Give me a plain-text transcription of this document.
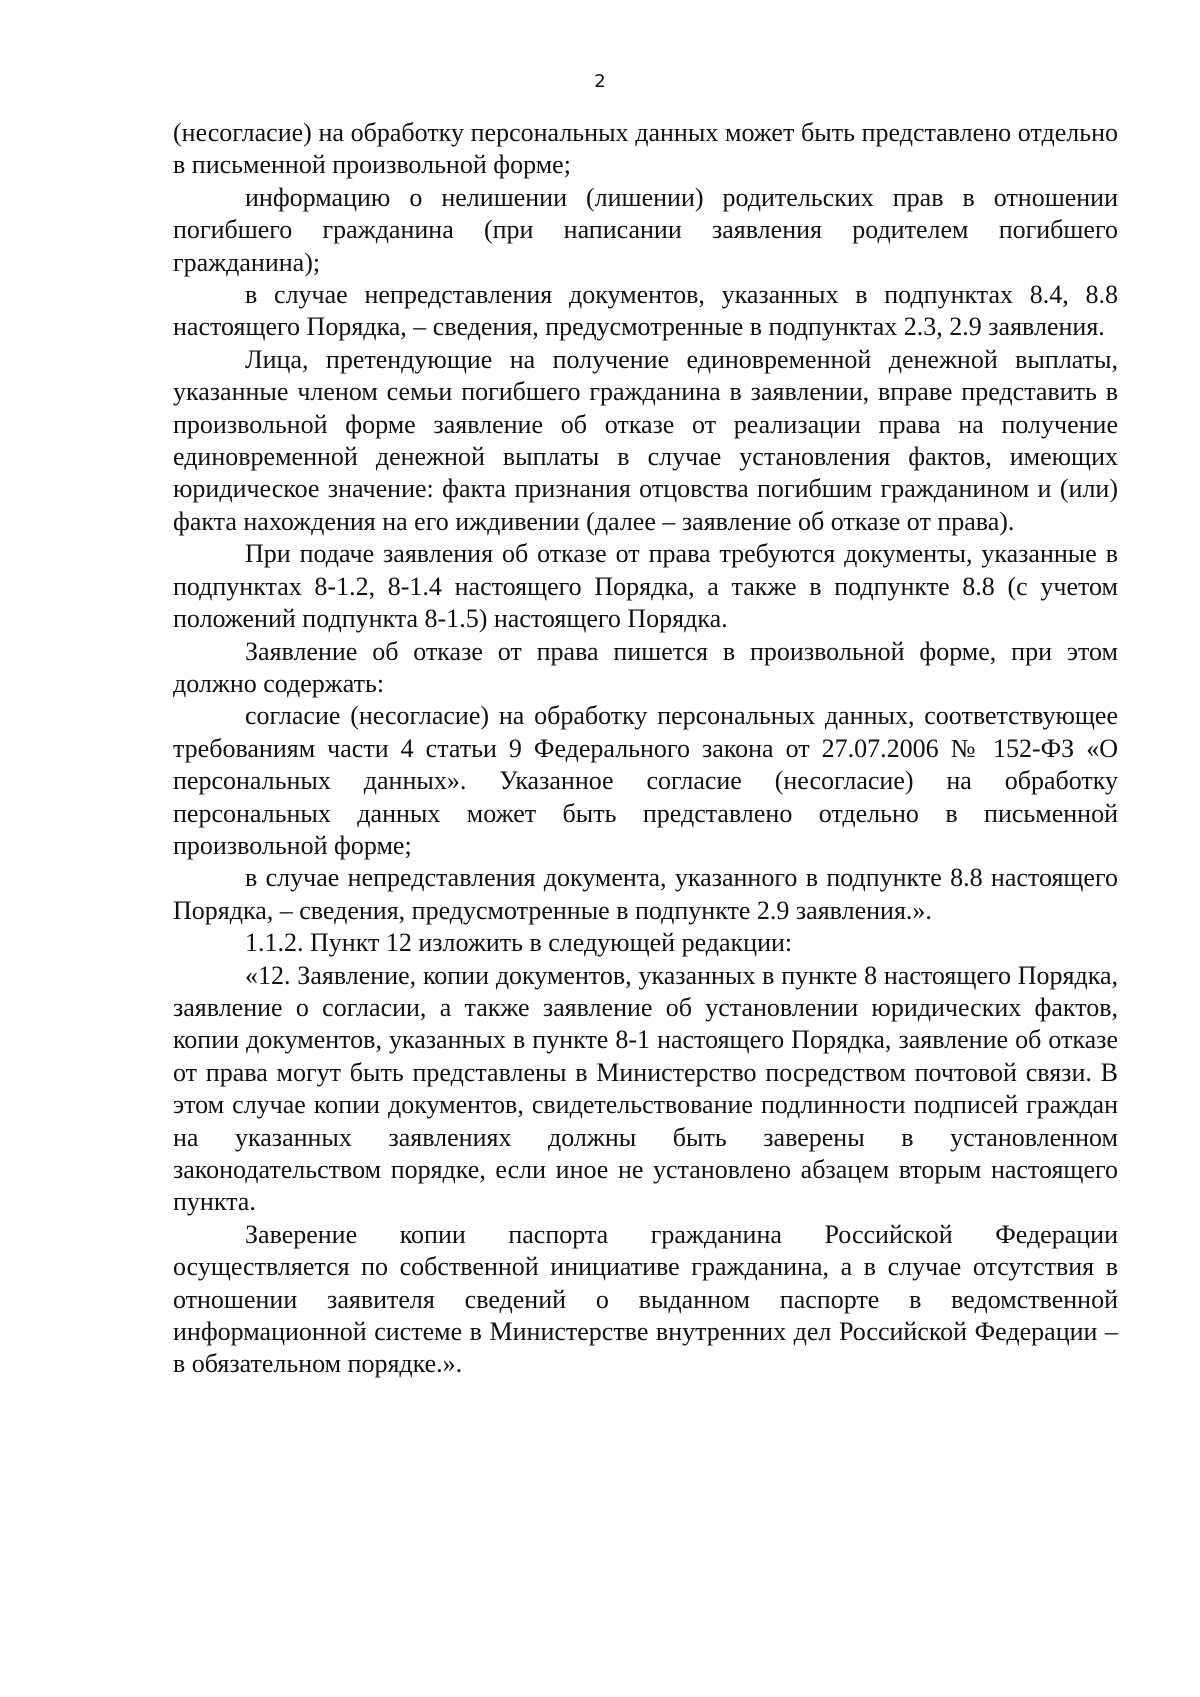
2

(несогласие) на обработку персональных данных может быть представлено отдельно в письменной произвольной форме;

информацию о нелишении (лишении) родительских прав в отношении погибшего гражданина (при написании заявления родителем погибшего гражданина);

в случае непредставления документов, указанных в подпунктах 8.4, 8.8 настоящего Порядка, – сведения, предусмотренные в подпунктах 2.3, 2.9 заявления.

Лица, претендующие на получение единовременной денежной выплаты, указанные членом семьи погибшего гражданина в заявлении, вправе представить в произвольной форме заявление об отказе от реализации права на получение единовременной денежной выплаты в случае установления фактов, имеющих юридическое значение: факта признания отцовства погибшим гражданином и (или) факта нахождения на его иждивении (далее – заявление об отказе от права).

При подаче заявления об отказе от права требуются документы, указанные в подпунктах 8-1.2, 8-1.4 настоящего Порядка, а также в подпункте 8.8 (с учетом положений подпункта 8-1.5) настоящего Порядка.

Заявление об отказе от права пишется в произвольной форме, при этом должно содержать:

согласие (несогласие) на обработку персональных данных, соответствующее требованиям части 4 статьи 9 Федерального закона от 27.07.2006 № 152-ФЗ «О персональных данных». Указанное согласие (несогласие) на обработку персональных данных может быть представлено отдельно в письменной произвольной форме;

в случае непредставления документа, указанного в подпункте 8.8 настоящего Порядка, – сведения, предусмотренные в подпункте 2.9 заявления.».

1.1.2. Пункт 12 изложить в следующей редакции:

«12. Заявление, копии документов, указанных в пункте 8 настоящего Порядка, заявление о согласии, а также заявление об установлении юридических фактов, копии документов, указанных в пункте 8-1 настоящего Порядка, заявление об отказе от права могут быть представлены в Министерство посредством почтовой связи. В этом случае копии документов, свидетельствование подлинности подписей граждан на указанных заявлениях должны быть заверены в установленном законодательством порядке, если иное не установлено абзацем вторым настоящего пункта.

Заверение копии паспорта гражданина Российской Федерации осуществляется по собственной инициативе гражданина, а в случае отсутствия в отношении заявителя сведений о выданном паспорте в ведомственной информационной системе в Министерстве внутренних дел Российской Федерации – в обязательном порядке.».
